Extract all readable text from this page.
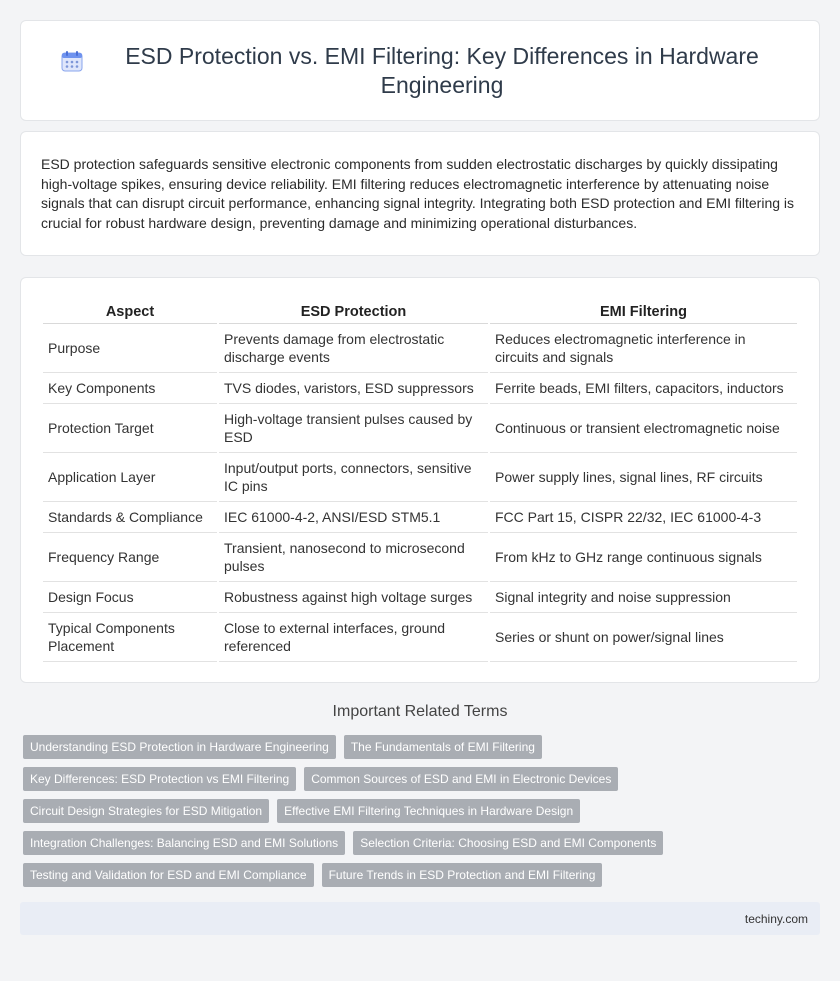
ESD Protection vs. EMI Filtering: Key Differences in Hardware Engineering

ESD protection safeguards sensitive electronic components from sudden electrostatic discharges by quickly dissipating high-voltage spikes, ensuring device reliability. EMI filtering reduces electromagnetic interference by attenuating noise signals that can disrupt circuit performance, enhancing signal integrity. Integrating both ESD protection and EMI filtering is crucial for robust hardware design, preventing damage and minimizing operational disturbances.

Aspect	ESD Protection	EMI Filtering
Purpose	Prevents damage from electrostatic discharge events	Reduces electromagnetic interference in circuits and signals
Key Components	TVS diodes, varistors, ESD suppressors	Ferrite beads, EMI filters, capacitors, inductors
Protection Target	High-voltage transient pulses caused by ESD	Continuous or transient electromagnetic noise
Application Layer	Input/output ports, connectors, sensitive IC pins	Power supply lines, signal lines, RF circuits
Standards & Compliance	IEC 61000-4-2, ANSI/ESD STM5.1	FCC Part 15, CISPR 22/32, IEC 61000-4-3
Frequency Range	Transient, nanosecond to microsecond pulses	From kHz to GHz range continuous signals
Design Focus	Robustness against high voltage surges	Signal integrity and noise suppression
Typical Components Placement	Close to external interfaces, ground referenced	Series or shunt on power/signal lines
Important Related Terms
Understanding ESD Protection in Hardware Engineering	The Fundamentals of EMI Filtering
Key Differences: ESD Protection vs EMI Filtering	Common Sources of ESD and EMI in Electronic Devices
Circuit Design Strategies for ESD Mitigation	Effective EMI Filtering Techniques in Hardware Design
Integration Challenges: Balancing ESD and EMI Solutions	Selection Criteria: Choosing ESD and EMI Components
Testing and Validation for ESD and EMI Compliance	Future Trends in ESD Protection and EMI Filtering
techiny.com
